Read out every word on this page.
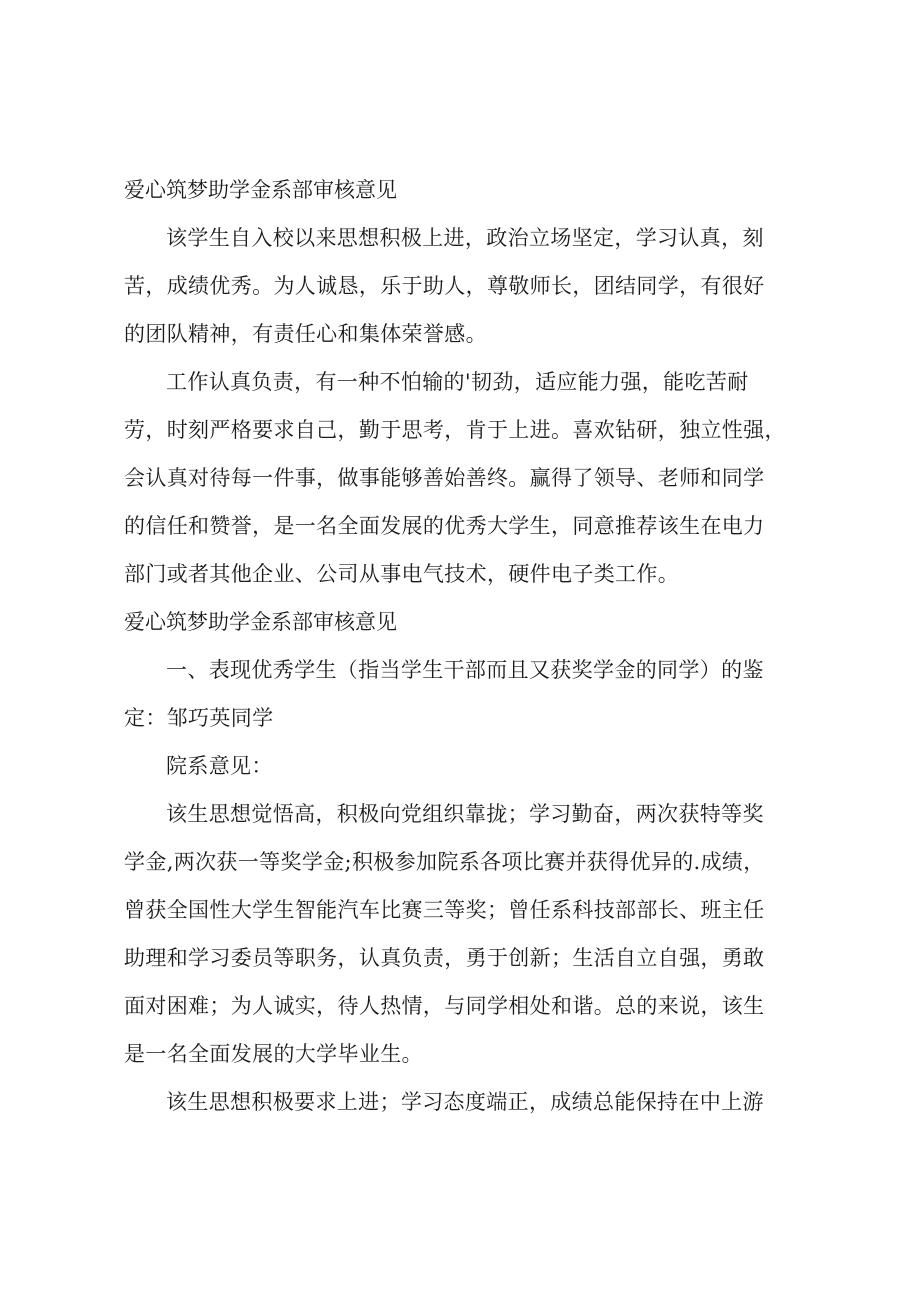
爱心筑梦助学金系部审核意见

该学生自入校以来思想积极上进，政治立场坚定，学习认真，刻
苦，成绩优秀。为人诚恳，乐于助人，尊敬师长，团结同学，有很好
的团队精神，有责任心和集体荣誉感。

工作认真负责，有一种不怕输的'韧劲，适应能力强，能吃苦耐
劳，时刻严格要求自己，勤于思考，肯于上进。喜欢钻研，独立性强，
会认真对待每一件事，做事能够善始善终。赢得了领导、老师和同学
的信任和赞誉，是一名全面发展的优秀大学生，同意推荐该生在电力
部门或者其他企业、公司从事电气技术，硬件电子类工作。

爱心筑梦助学金系部审核意见

一、表现优秀学生（指当学生干部而且又获奖学金的同学）的鉴
定：邹巧英同学

院系意见：

该生思想觉悟高，积极向党组织靠拢；学习勤奋，两次获特等奖
学金,两次获一等奖学金;积极参加院系各项比赛并获得优异的.成绩，
曾获全国性大学生智能汽车比赛三等奖；曾任系科技部部长、班主任
助理和学习委员等职务，认真负责，勇于创新；生活自立自强，勇敢
面对困难；为人诚实，待人热情，与同学相处和谐。总的来说，该生
是一名全面发展的大学毕业生。

该生思想积极要求上进；学习态度端正，成绩总能保持在中上游
